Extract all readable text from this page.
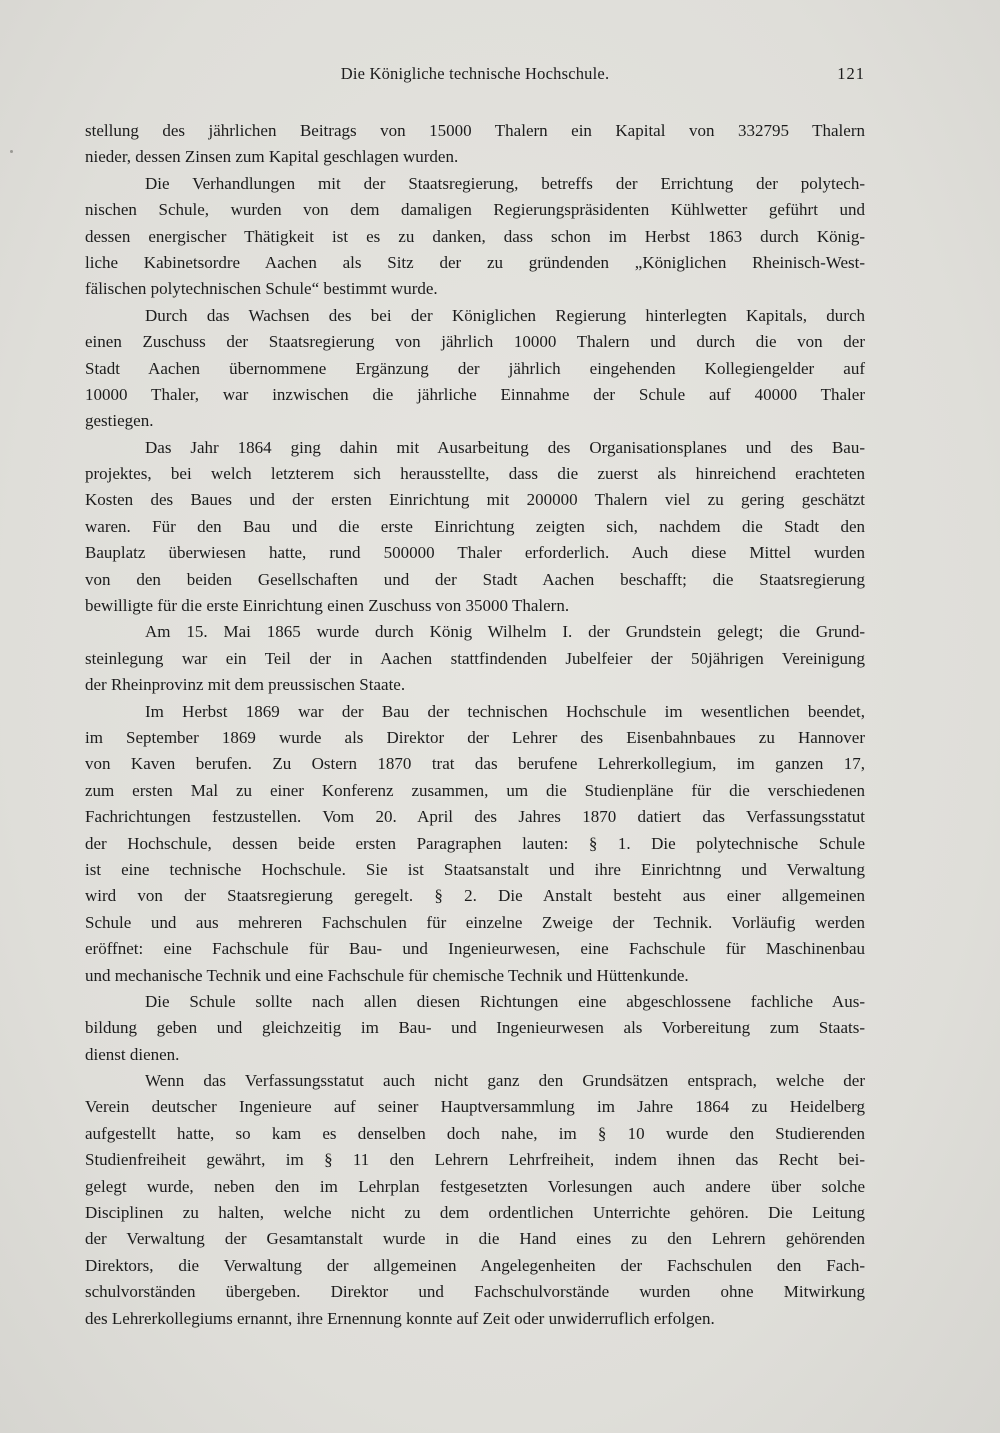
Die Königliche technische Hochschule.	121
stellung des jährlichen Beitrags von 15000 Thalern ein Kapital von 332795 Thalern
nieder, dessen Zinsen zum Kapital geschlagen wurden.
Die Verhandlungen mit der Staatsregierung, betreffs der Errichtung der polytech-
nischen Schule, wurden von dem damaligen Regierungspräsidenten Kühlwetter geführt und
dessen energischer Thätigkeit ist es zu danken, dass schon im Herbst 1863 durch König-
liche Kabinetsordre Aachen als Sitz der zu gründenden „Königlichen Rheinisch-West-
fälischen polytechnischen Schule“ bestimmt wurde.
Durch das Wachsen des bei der Königlichen Regierung hinterlegten Kapitals, durch
einen Zuschuss der Staatsregierung von jährlich 10000 Thalern und durch die von der
Stadt Aachen übernommene Ergänzung der jährlich eingehenden Kollegiengelder auf
10000 Thaler, war inzwischen die jährliche Einnahme der Schule auf 40000 Thaler
gestiegen.
Das Jahr 1864 ging dahin mit Ausarbeitung des Organisationsplanes und des Bau-
projektes, bei welch letzterem sich herausstellte, dass die zuerst als hinreichend erachteten
Kosten des Baues und der ersten Einrichtung mit 200000 Thalern viel zu gering geschätzt
waren. Für den Bau und die erste Einrichtung zeigten sich, nachdem die Stadt den
Bauplatz überwiesen hatte, rund 500000 Thaler erforderlich. Auch diese Mittel wurden
von den beiden Gesellschaften und der Stadt Aachen beschafft; die Staatsregierung
bewilligte für die erste Einrichtung einen Zuschuss von 35000 Thalern.
Am 15. Mai 1865 wurde durch König Wilhelm I. der Grundstein gelegt; die Grund-
steinlegung war ein Teil der in Aachen stattfindenden Jubelfeier der 50jährigen Vereinigung
der Rheinprovinz mit dem preussischen Staate.
Im Herbst 1869 war der Bau der technischen Hochschule im wesentlichen beendet,
im September 1869 wurde als Direktor der Lehrer des Eisenbahnbaues zu Hannover
von Kaven berufen. Zu Ostern 1870 trat das berufene Lehrerkollegium, im ganzen 17,
zum ersten Mal zu einer Konferenz zusammen, um die Studienpläne für die verschiedenen
Fachrichtungen festzustellen. Vom 20. April des Jahres 1870 datiert das Verfassungsstatut
der Hochschule, dessen beide ersten Paragraphen lauten: § 1. Die polytechnische Schule
ist eine technische Hochschule. Sie ist Staatsanstalt und ihre Einrichtnng und Verwaltung
wird von der Staatsregierung geregelt. § 2. Die Anstalt besteht aus einer allgemeinen
Schule und aus mehreren Fachschulen für einzelne Zweige der Technik. Vorläufig werden
eröffnet: eine Fachschule für Bau- und Ingenieurwesen, eine Fachschule für Maschinenbau
und mechanische Technik und eine Fachschule für chemische Technik und Hüttenkunde.
Die Schule sollte nach allen diesen Richtungen eine abgeschlossene fachliche Aus-
bildung geben und gleichzeitig im Bau- und Ingenieurwesen als Vorbereitung zum Staats-
dienst dienen.
Wenn das Verfassungsstatut auch nicht ganz den Grundsätzen entsprach, welche der
Verein deutscher Ingenieure auf seiner Hauptversammlung im Jahre 1864 zu Heidelberg
aufgestellt hatte, so kam es denselben doch nahe, im § 10 wurde den Studierenden
Studienfreiheit gewährt, im § 11 den Lehrern Lehrfreiheit, indem ihnen das Recht bei-
gelegt wurde, neben den im Lehrplan festgesetzten Vorlesungen auch andere über solche
Disciplinen zu halten, welche nicht zu dem ordentlichen Unterrichte gehören. Die Leitung
der Verwaltung der Gesamtanstalt wurde in die Hand eines zu den Lehrern gehörenden
Direktors, die Verwaltung der allgemeinen Angelegenheiten der Fachschulen den Fach-
schulvorständen übergeben. Direktor und Fachschulvorstände wurden ohne Mitwirkung
des Lehrerkollegiums ernannt, ihre Ernennung konnte auf Zeit oder unwiderruflich erfolgen.
